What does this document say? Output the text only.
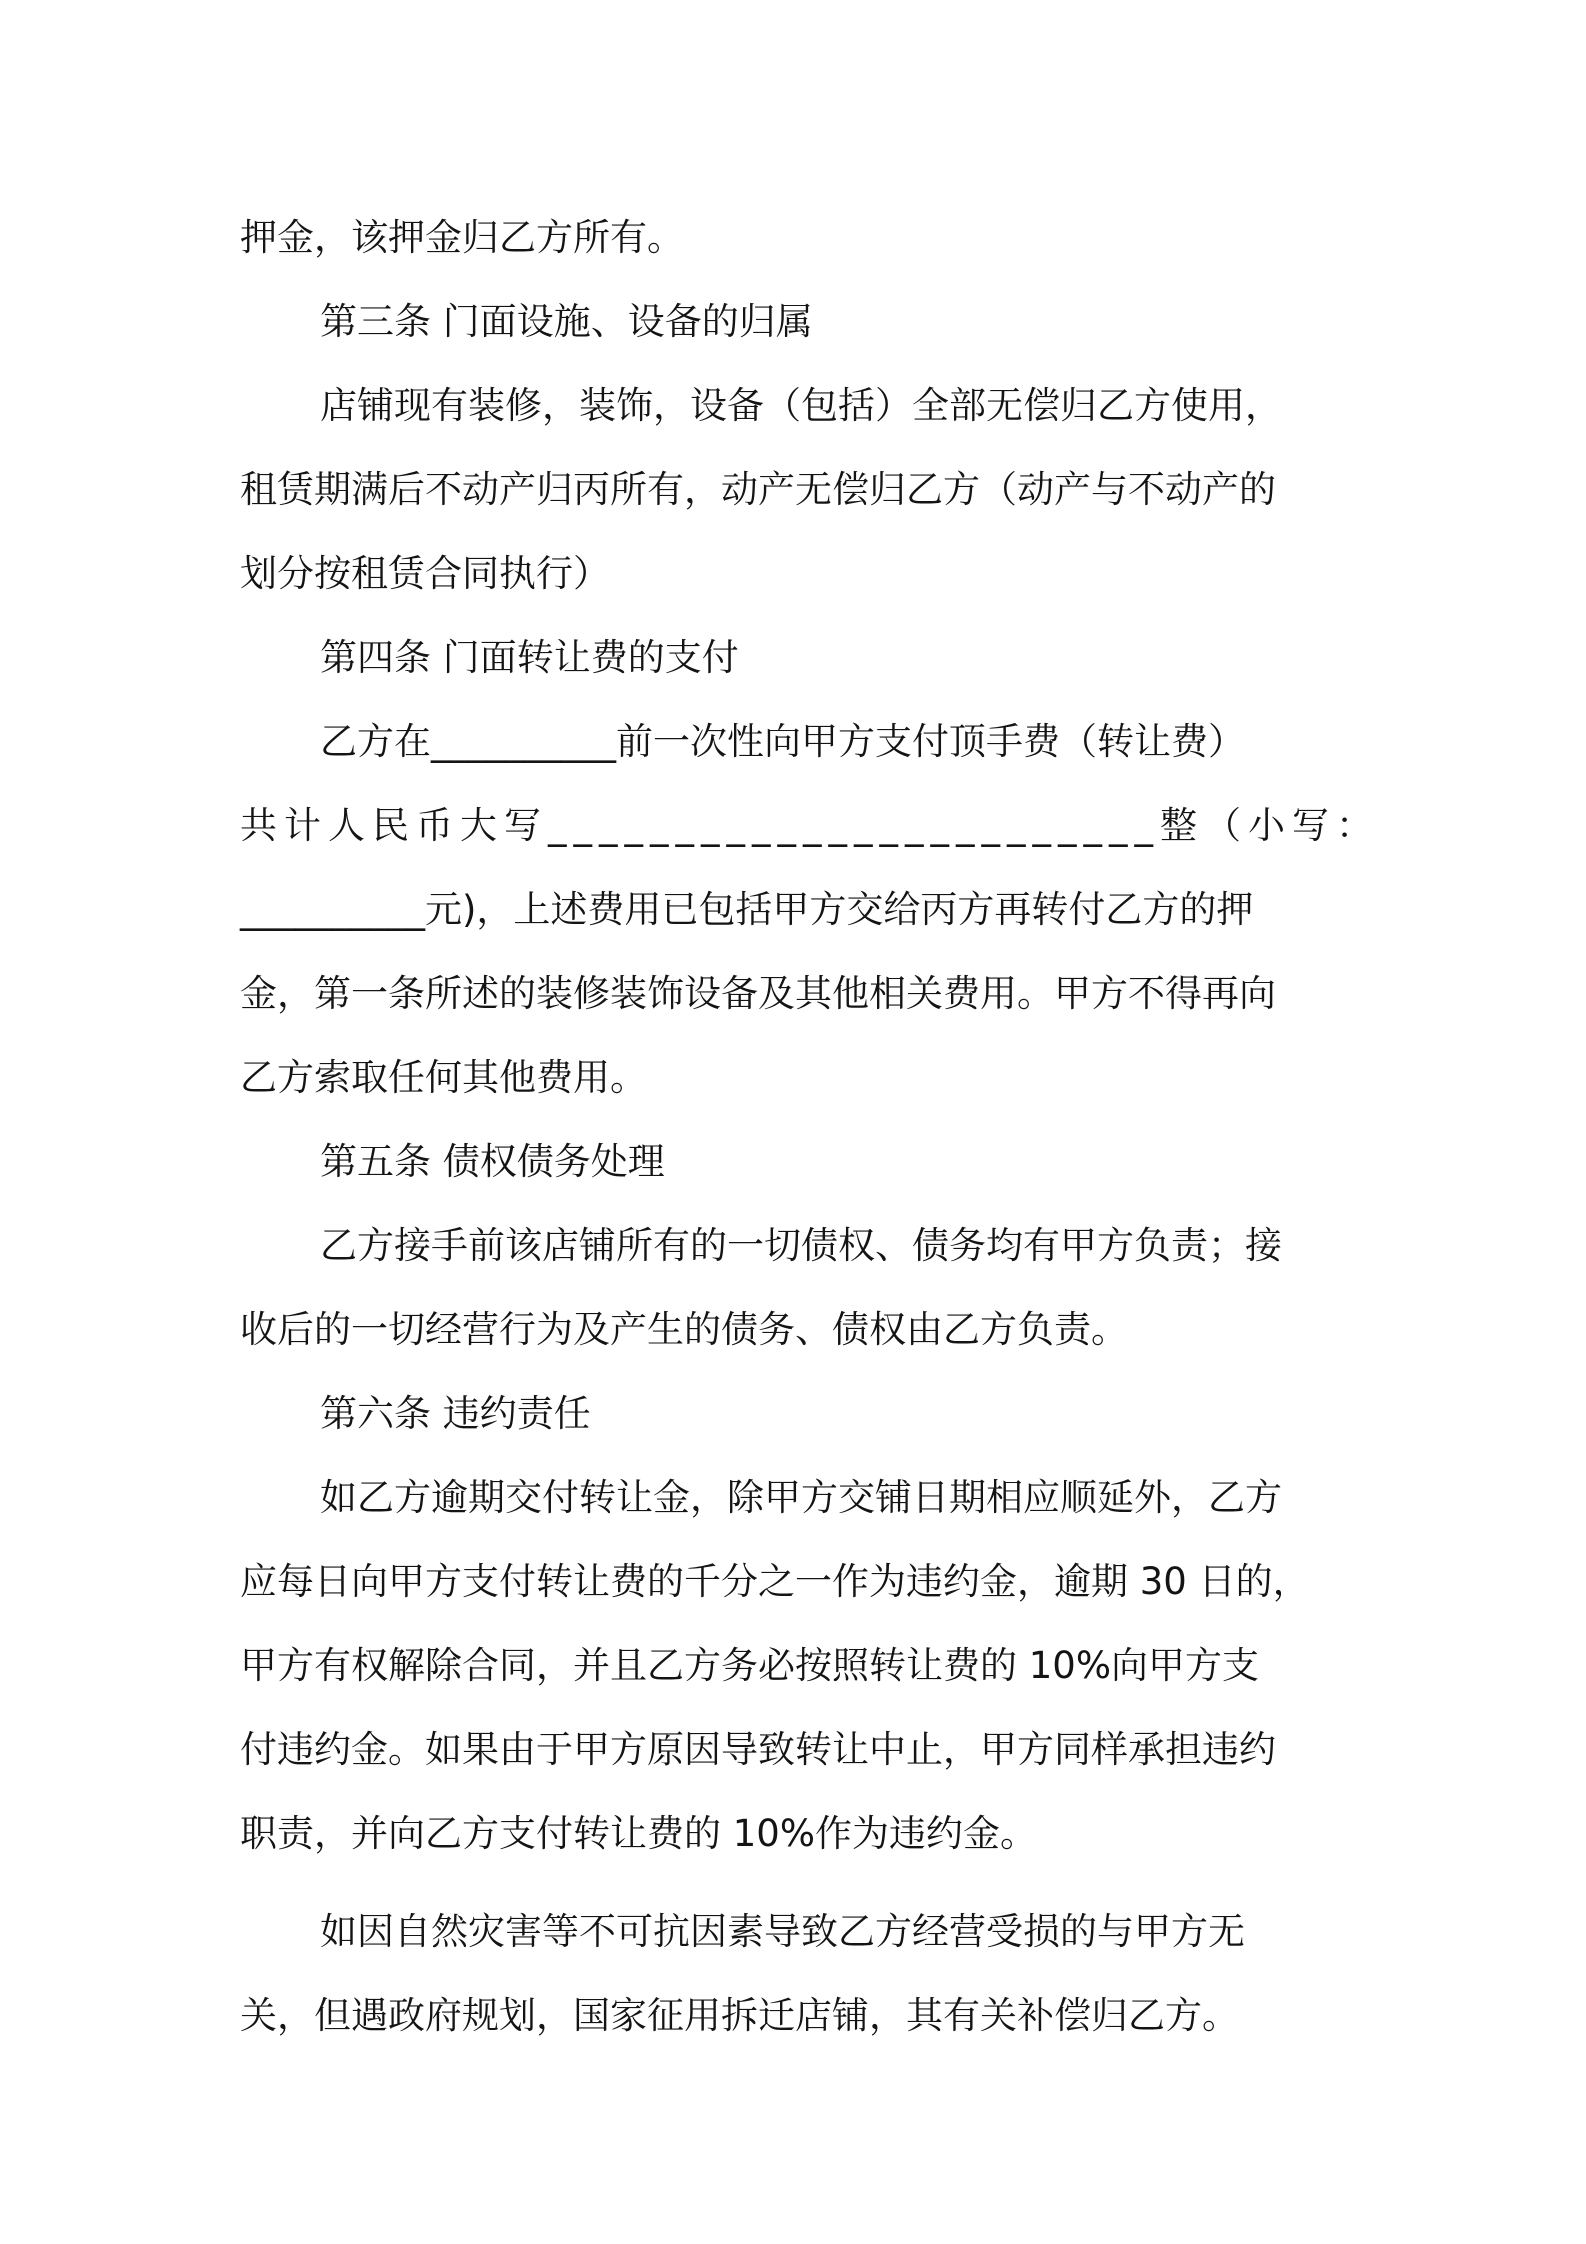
押金，该押金归乙方所有。
第三条 门面设施、设备的归属
店铺现有装修，装饰，设备（包括）全部无偿归乙方使用，
租赁期满后不动产归丙所有，动产无偿归乙方（动产与不动产的
划分按租赁合同执行）
第四条 门面转让费的支付
乙方在__________前一次性向甲方支付顶手费（转让费）
共计人民币大写________________________整（小写：
__________元)，上述费用已包括甲方交给丙方再转付乙方的押
金，第一条所述的装修装饰设备及其他相关费用。甲方不得再向
乙方索取任何其他费用。
第五条 债权债务处理
乙方接手前该店铺所有的一切债权、债务均有甲方负责；接
收后的一切经营行为及产生的债务、债权由乙方负责。
第六条 违约责任
如乙方逾期交付转让金，除甲方交铺日期相应顺延外，乙方
应每日向甲方支付转让费的千分之一作为违约金，逾期 30 日的，
甲方有权解除合同，并且乙方务必按照转让费的 10%向甲方支
付违约金。如果由于甲方原因导致转让中止，甲方同样承担违约
职责，并向乙方支付转让费的 10%作为违约金。
如因自然灾害等不可抗因素导致乙方经营受损的与甲方无
关，但遇政府规划，国家征用拆迁店铺，其有关补偿归乙方。
